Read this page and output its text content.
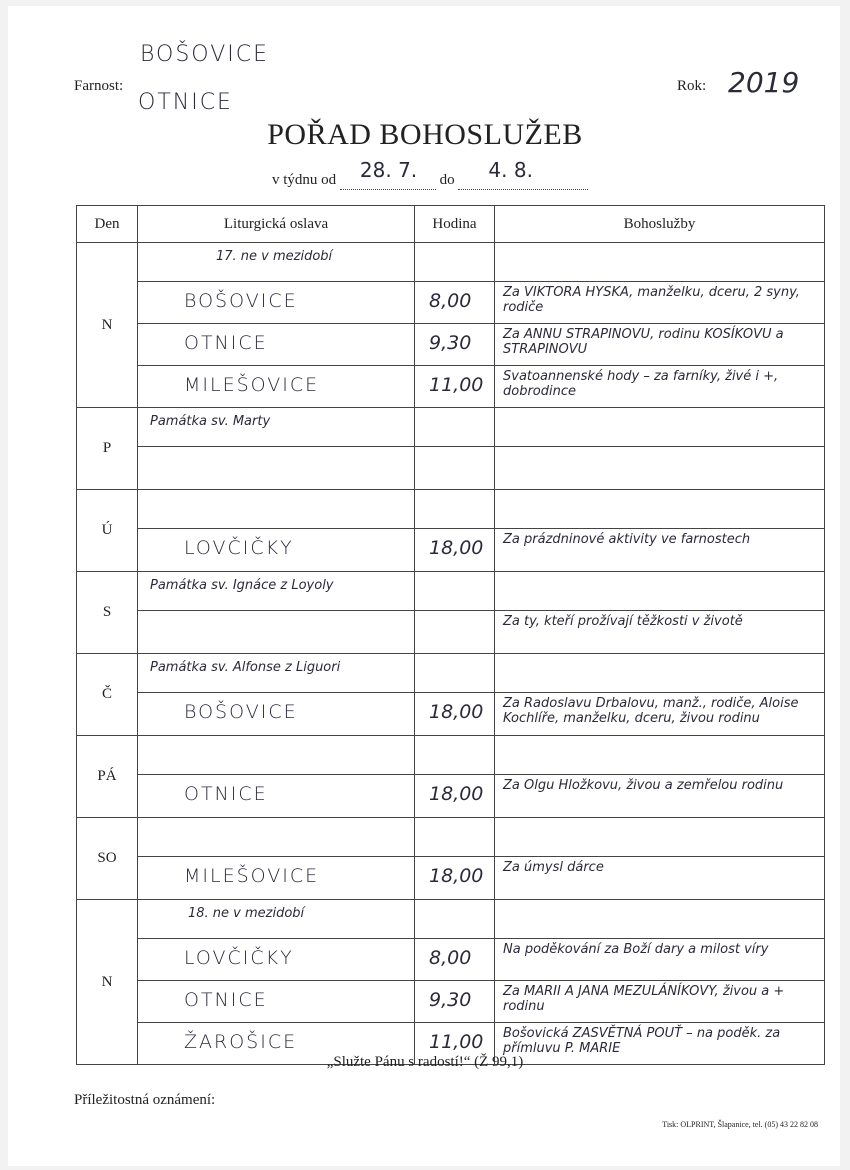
Farnost:
BOŠOVICE
OTNICE
Rok: 2019
POŘAD BOHOSLUŽEB
v týdnu od 28. 7. do 4. 8.

Den	Liturgická oslava	Hodina	Bohoslužby
N	17. ne v mezidobí		

	BOŠOVICE	8,00	Za VIKTORA HYSKA, manželku, dceru, 2 syny, rodiče

	OTNICE	9,30	Za ANNU STRAPINOVU, rodinu KOSÍKOVU a STRAPINOVU

	MILEŠOVICE	11,00	Svatoannenské hody – za farníky, živé i +, dobrodince

P	Památka sv. Marty		

Ú	

	LOVČIČKY	18,00	Za prázdninové aktivity ve farnostech

S	Památka sv. Ignáce z Loyoly		

			Za ty, kteří prožívají těžkosti v životě

Č	Památka sv. Alfonse z Liguori		

	BOŠOVICE	18,00	Za Radoslavu Drbalovu, manž., rodiče, Aloise Kochlíře, manželku, dceru, živou rodinu

PÁ	

	OTNICE	18,00	Za Olgu Hložkovu, živou a zemřelou rodinu

SO	

	MILEŠOVICE	18,00	Za úmysl dárce

N	18. ne v mezidobí		

	LOVČIČKY	8,00	Na poděkování za Boží dary a milost víry

	OTNICE	9,30	Za MARII A JANA MEZULÁNÍKOVY, živou a + rodinu

	ŽAROŠICE	11,00	Bošovická ZASVĚTNÁ POUŤ – na poděk. za přímluvu P. MARIE
„Služte Pánu s radostí!“ (Ž 99,1)
Příležitostná oznámení:
Tisk: OLPRINT, Šlapanice, tel. (05) 43 22 82 08
